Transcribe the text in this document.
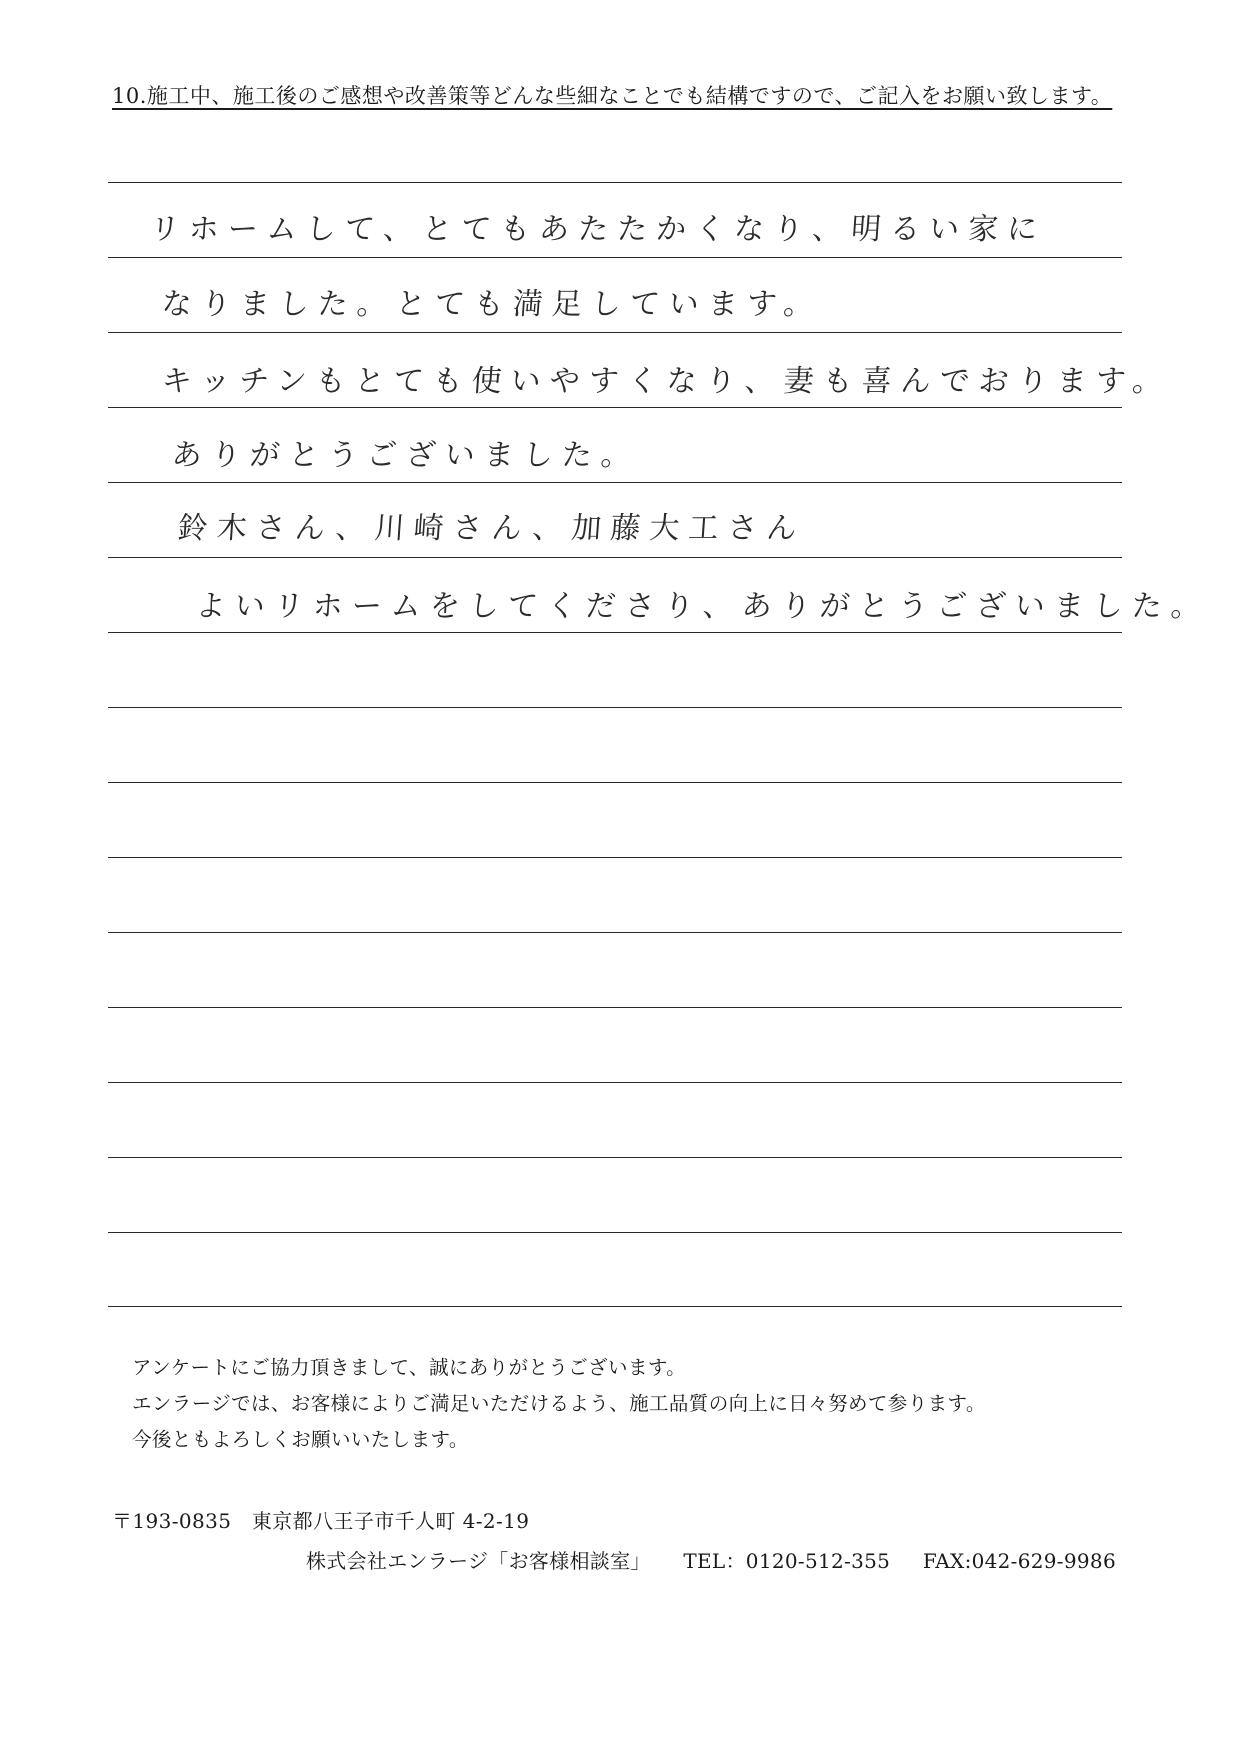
10.施工中、施工後のご感想や改善策等どんな些細なことでも結構ですので、ご記入をお願い致します。
リホームして、とてもあたたかくなり、明るい家に
なりました。とても満足しています。
キッチンもとても使いやすくなり、妻も喜んでおります。
ありがとうございました。
鈴木さん、川崎さん、加藤大工さん
よいリホームをしてくださり、ありがとうございました。
アンケートにご協力頂きまして、誠にありがとうございます。
エンラージでは、お客様によりご満足いただけるよう、施工品質の向上に日々努めて参ります。
今後ともよろしくお願いいたします。
〒193-0835　東京都八王子市千人町 4-2-19
株式会社エンラージ「お客様相談室」 TEL：0120-512-355 FAX:042-629-9986
